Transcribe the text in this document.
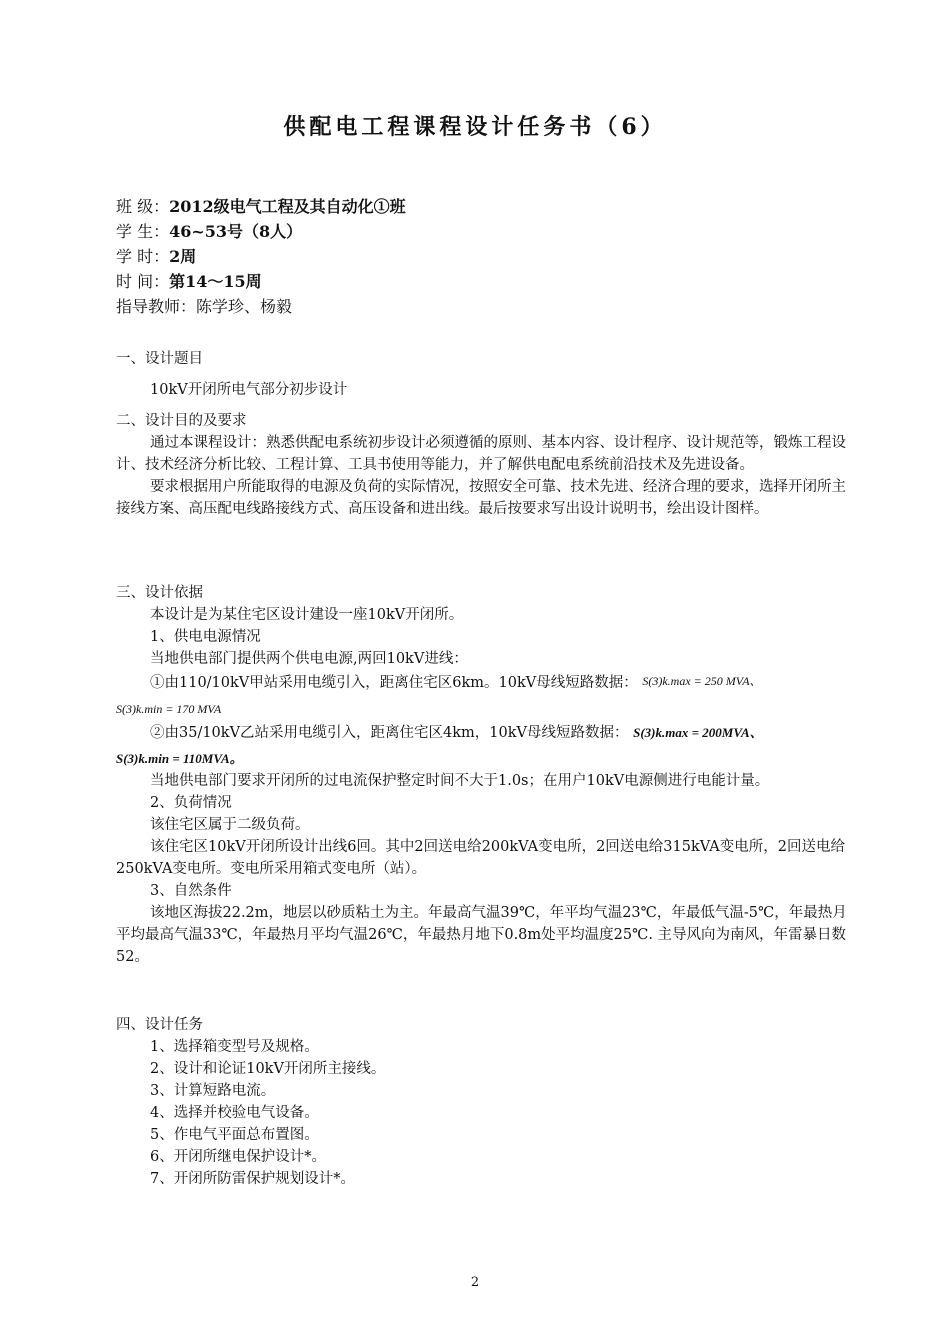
供配电工程课程设计任务书（6）
班 级：2012级电气工程及其自动化①班
学 生：46~53号（8人）
学 时：2周
时 间：第14～15周
指导教师：陈学珍、杨毅
一、设计题目
10kV开闭所电气部分初步设计
二、设计目的及要求
通过本课程设计：熟悉供配电系统初步设计必须遵循的原则、基本内容、设计程序、设计规范等，锻炼工程设计、技术经济分析比较、工程计算、工具书使用等能力，并了解供电配电系统前沿技术及先进设备。
要求根据用户所能取得的电源及负荷的实际情况，按照安全可靠、技术先进、经济合理的要求，选择开闭所主接线方案、高压配电线路接线方式、高压设备和进出线。最后按要求写出设计说明书，绘出设计图样。
三、设计依据
本设计是为某住宅区设计建设一座10kV开闭所。
1、供电电源情况
当地供电部门提供两个供电电源,两回10kV进线：
①由110/10kV甲站采用电缆引入，距离住宅区6km。10kV母线短路数据： S(3)k.max = 250 MVA、
S(3)k.min = 170 MVA
②由35/10kV乙站采用电缆引入，距离住宅区4km，10kV母线短路数据： S(3)k.max = 200MVA、
S(3)k.min = 110MVA。
当地供电部门要求开闭所的过电流保护整定时间不大于1.0s；在用户10kV电源侧进行电能计量。
2、负荷情况
该住宅区属于二级负荷。
该住宅区10kV开闭所设计出线6回。其中2回送电给200kVA变电所，2回送电给315kVA变电所，2回送电给250kVA变电所。变电所采用箱式变电所（站）。
3、自然条件
该地区海拔22.2m，地层以砂质粘土为主。年最高气温39℃，年平均气温23℃，年最低气温-5℃，年最热月平均最高气温33℃，年最热月平均气温26℃，年最热月地下0.8m处平均温度25℃. 主导风向为南风，年雷暴日数52。
四、设计任务
1、选择箱变型号及规格。
2、设计和论证10kV开闭所主接线。
3、计算短路电流。
4、选择并校验电气设备。
5、作电气平面总布置图。
6、开闭所继电保护设计*。
7、开闭所防雷保护规划设计*。
2
